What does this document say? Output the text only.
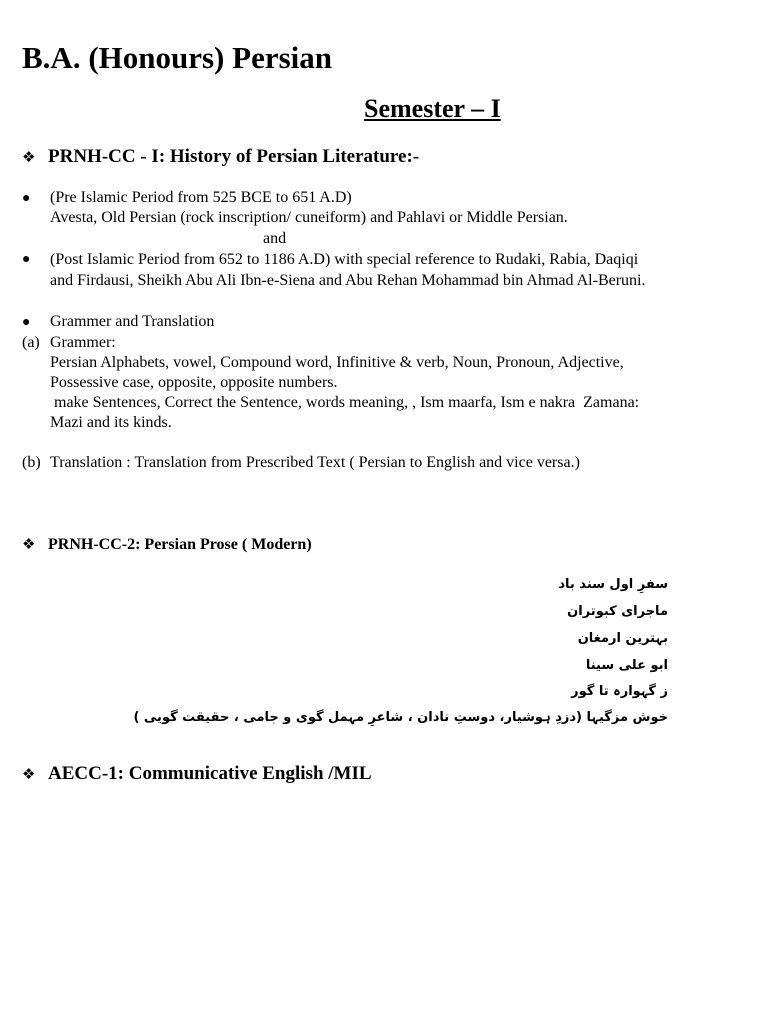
B.A. (Honours) Persian
Semester – I
❖ PRNH-CC - I: History of Persian Literature:-
● (Pre Islamic Period from 525 BCE to 651 A.D)
Avesta, Old Persian (rock inscription/ cuneiform) and Pahlavi or Middle Persian.
and
● (Post Islamic Period from 652 to 1186 A.D) with special reference to Rudaki, Rabia, Daqiqi
and Firdausi, Sheikh Abu Ali Ibn-e-Siena and Abu Rehan Mohammad bin Ahmad Al-Beruni.
● Grammer and Translation
(a) Grammer:
Persian Alphabets, vowel, Compound word, Infinitive & verb, Noun, Pronoun, Adjective,
Possessive case, opposite, opposite numbers.
make Sentences, Correct the Sentence, words meaning, , Ism maarfa, Ism e nakra  Zamana:
Mazi and its kinds.
(b) Translation : Translation from Prescribed Text ( Persian to English and vice versa.)
❖ PRNH-CC-2: Persian Prose ( Modern)
سفرِ اول سند باد
ماجرای کبوتران
بہترین ارمغان
ابو علی سینا
ز گہوارہ تا گور
خوش مزگیہا (دزدِ ہوشیار، دوستِ نادان ، شاعرِ مہمل گوی و جامی ، حقیقت گویی )
❖ AECC-1: Communicative English /MIL
